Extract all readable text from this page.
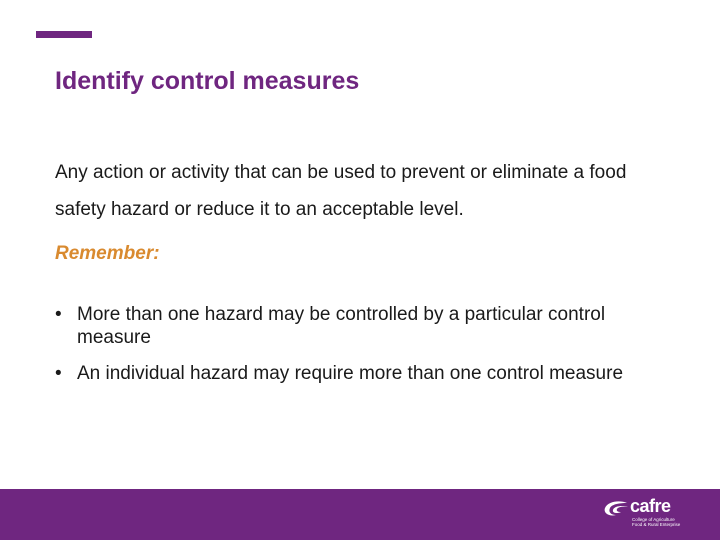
Identify control measures

Any action or activity that can be used to prevent or eliminate a food safety hazard or reduce it to an acceptable level.

Remember:

• More than one hazard may be controlled by a particular control measure
• An individual hazard may require more than one control measure
cafre
College of Agriculture
Food & Rural Enterprise
